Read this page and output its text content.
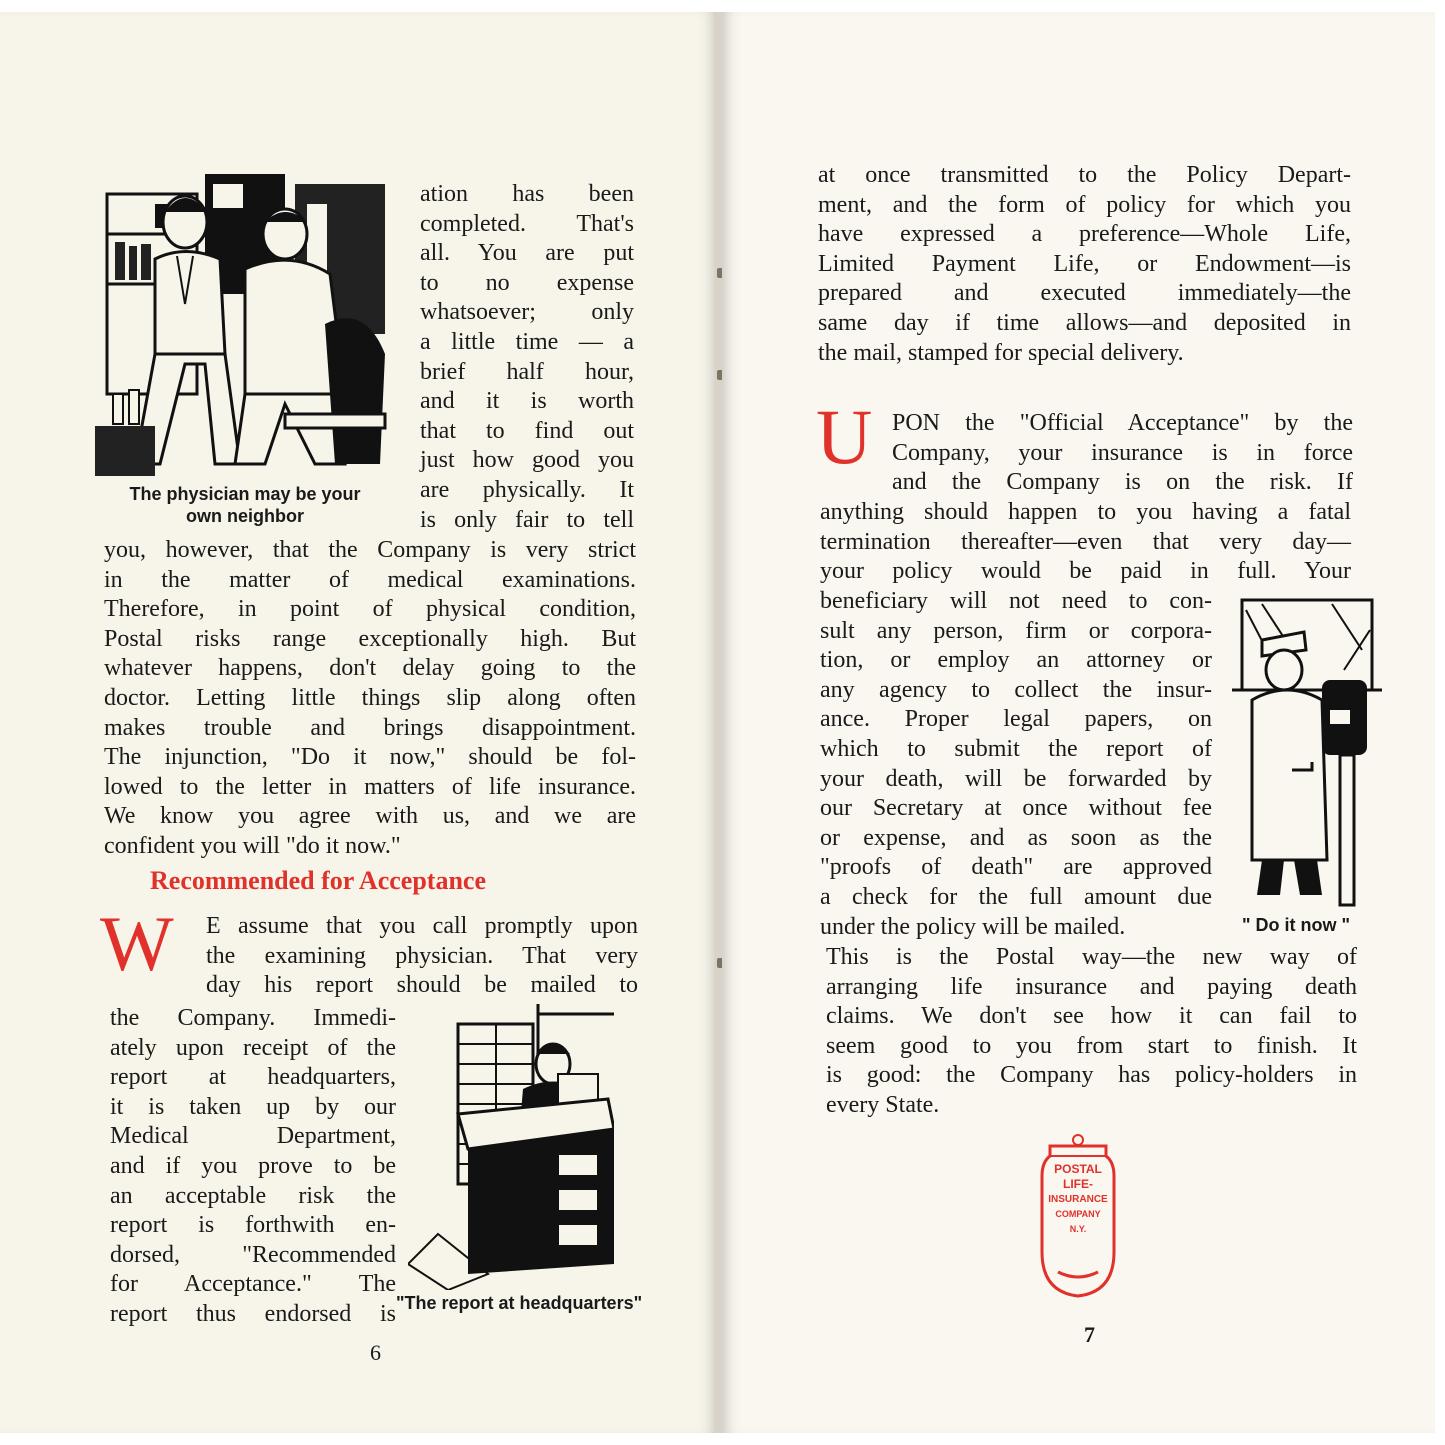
The physician may be your
own neighbor
ation has been
completed. That's
all. You are put
to no expense
whatsoever; only
a little time — a
brief half hour,
and it is worth
that to find out
just how good you
are physically. It
is only fair to tell
you, however, that the Company is very strict
in the matter of medical examinations.
Therefore, in point of physical condition,
Postal risks range exceptionally high. But
whatever happens, don't delay going to the
doctor. Letting little things slip along often
makes trouble and brings disappointment.
The injunction, "Do it now," should be fol-
lowed to the letter in matters of life insurance.
We know you agree with us, and we are
confident you will "do it now."
Recommended for Acceptance
W E assume that you call promptly upon
the examining physician. That very
day his report should be mailed to
the Company. Immedi-
ately upon receipt of the
report at headquarters,
it is taken up by our
Medical Department,
and if you prove to be
an acceptable risk the
report is forthwith en-
dorsed, "Recommended
for Acceptance." The
report thus endorsed is "The report at headquarters"
6
at once transmitted to the Policy Depart-
ment, and the form of policy for which you
have expressed a preference—Whole Life,
Limited Payment Life, or Endowment—is
prepared and executed immediately—the
same day if time allows—and deposited in
the mail, stamped for special delivery.
U PON the "Official Acceptance" by the
Company, your insurance is in force
and the Company is on the risk. If
anything should happen to you having a fatal
termination thereafter—even that very day—
your policy would be paid in full. Your
beneficiary will not need to con-
sult any person, firm or corpora-
tion, or employ an attorney or
any agency to collect the insur-
ance. Proper legal papers, on
which to submit the report of
your death, will be forwarded by
our Secretary at once without fee
or expense, and as soon as the
"proofs of death" are approved
a check for the full amount due
under the policy will be mailed.	" Do it now "
This is the Postal way—the new way of
arranging life insurance and paying death
claims. We don't see how it can fail to
seem good to you from start to finish. It
is good: the Company has policy-holders in
every State.
POSTAL
LIFE-
INSURANCE
COMPANY
N.Y.
7
